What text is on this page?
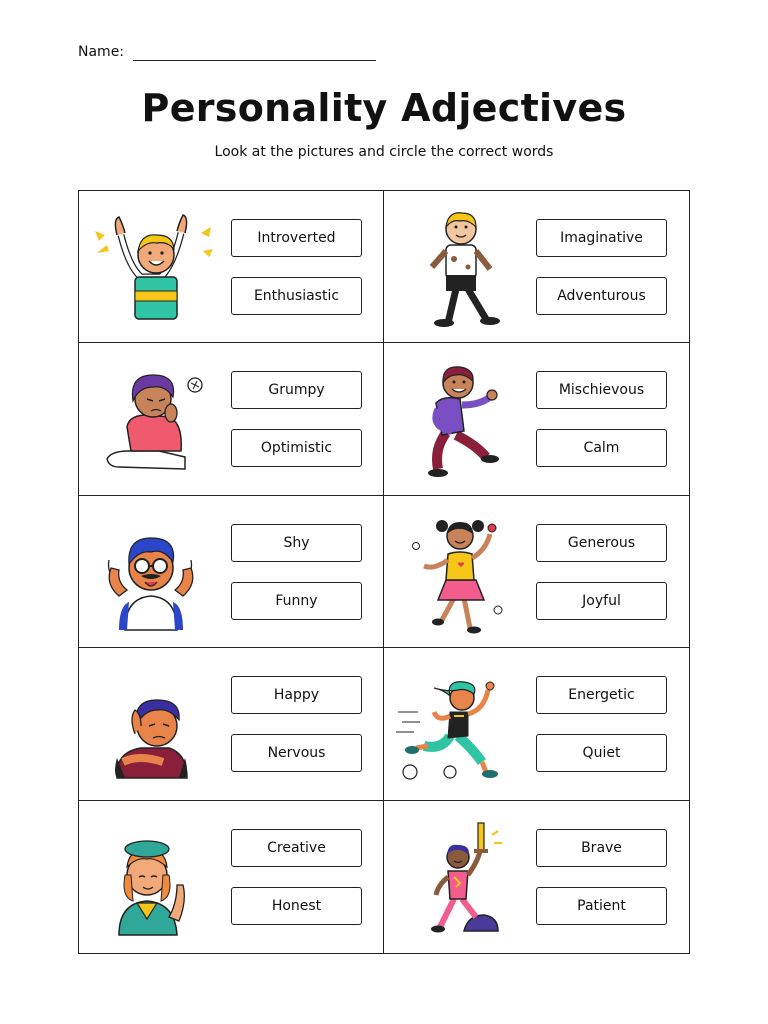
Name:
Personality Adjectives
Look at the pictures and circle the correct words
Introverted
Enthusiastic
Imaginative
Adventurous
Grumpy
Optimistic
Mischievous
Calm
Shy
Funny
Generous
Joyful
Happy
Nervous
Energetic
Quiet
Creative
Honest
Brave
Patient
